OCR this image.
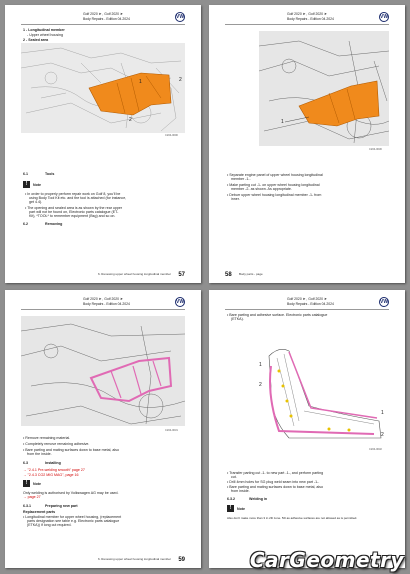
Golf 2020 ➤ , Golf 2020 ➤
Body Repairs - Edition 04.2024	VW
1 - Longitudinal member
- Upper wheel housing
2 - Sealed area
1	2
2
C204-0000
6.1	Tools
!	Note
• In order to properly perform repair work on Golf 8, you'll be
using Body Tool Kit etc. and the tool is attached (for instance,
get 4.4).
• The opening and sealed area is as shown by the rear upper
part will not be found on, Electronic parts catalogue (ET-
Kit), *TOOL* to remember equipment (Bsg) and so on.
6.2	Removing
6. Renewing upper wheel housing longitudinal member 57
Golf 2020 ➤ , Golf 2020 ➤
Body Repairs - Edition 04.2024	VW
1
C204-0030
• Separate engine panel of upper wheel housing longitudinal
member -1-.
• Make parting cut -1- on upper wheel housing longitudinal
member -2- as shown. As appropriate.
• Deburr upper wheel housing longitudinal member -1- from
inner.
58 Body parts - page
Golf 2020 ➤ , Golf 2020 ➤
Body Repairs - Edition 04.2024	VW
C204-0031
• Remove remaining material.
• Completely remove remaining adhesive.
• Bare parting and mating surfaces down to base metal, also
from the inside.
6.3	Installing
→ "2.4.1 Pre-welding smooth" page 27
→ "2.4.3 CO2 MIG MAG", page 16
!	Note
Only welding is authorised by Volkswagen AG may be used.
→ page 27
6.3.1	Preparing new part
Replacement parts
• Longitudinal member for upper wheel housing, (replacement
parts designation see table e.g. Electronic parts catalogue
(ETKA)) if long cut required.
6. Renewing upper wheel housing longitudinal member 59
Golf 2020 ➤ , Golf 2020 ➤
Body Repairs - Edition 04.2024	VW
• Bare parting and adhesive surface. Electronic parts catalogue
(ETKA).
1
2
1
2
C204-0032
• Transfer parting cut -1- to new part -1-, and perform parting
cut.
• Drill 4mm holes for SG plug weld seam into new part -1-.
• Bare parting and mating surfaces down to base metal, also
from inside.
6.3.2	Welding in
!	Note
Also don't make more than 3 in 2D zone. 5D as adhesive surfaces are not allowed as is permitted.
CarGeometry
